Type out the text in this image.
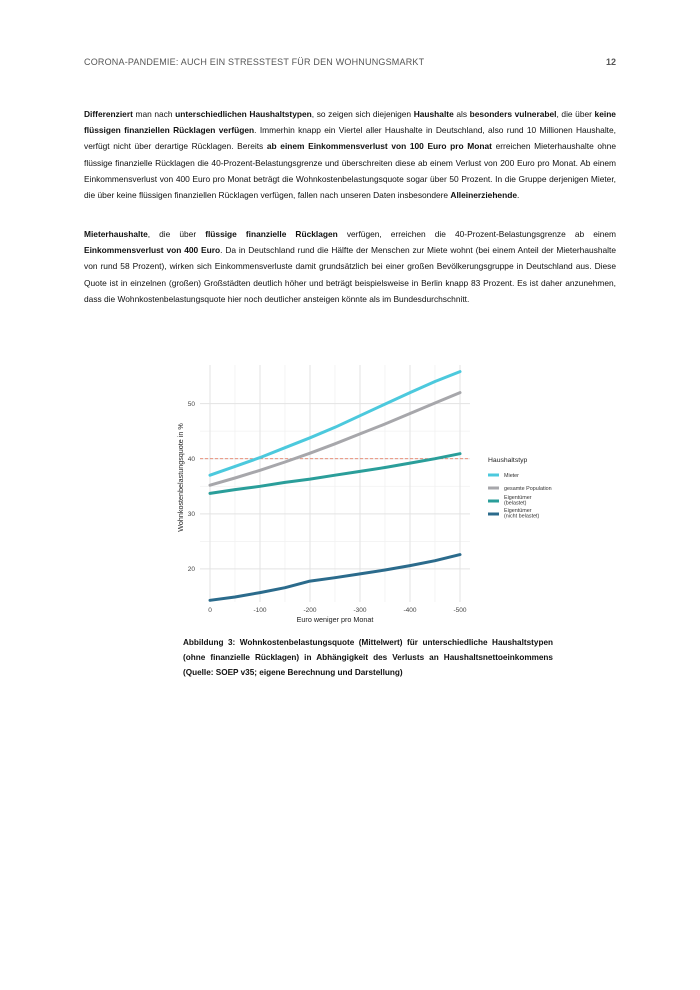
CORONA-PANDEMIE: AUCH EIN STRESSTEST FÜR DEN WOHNUNGSMARKT	12

Differenziert man nach unterschiedlichen Haushaltstypen, so zeigen sich diejenigen Haushalte als besonders vulnerabel, die über keine flüssigen finanziellen Rücklagen verfügen. Immerhin knapp ein Viertel aller Haushalte in Deutschland, also rund 10 Millionen Haushalte, verfügt nicht über derartige Rücklagen. Bereits ab einem Einkommensverlust von 100 Euro pro Monat erreichen Mieterhaushalte ohne flüssige finanzielle Rücklagen die 40-Prozent-Belastungsgrenze und überschreiten diese ab einem Verlust von 200 Euro pro Monat. Ab einem Einkommensverlust von 400 Euro pro Monat beträgt die Wohnkostenbelastungsquote sogar über 50 Prozent. In die Gruppe derjenigen Mieter, die über keine flüssigen finanziellen Rücklagen verfügen, fallen nach unseren Daten insbesondere Alleinerziehende.

Mieterhaushalte, die über flüssige finanzielle Rücklagen verfügen, erreichen die 40-Prozent-Belastungsgrenze ab einem Einkommensverlust von 400 Euro. Da in Deutschland rund die Hälfte der Menschen zur Miete wohnt (bei einem Anteil der Mieterhaushalte von rund 58 Prozent), wirken sich Einkommensverluste damit grundsätzlich bei einer großen Bevölkerungsgruppe in Deutschland aus. Diese Quote ist in einzelnen (großen) Großstädten deutlich höher und beträgt beispielsweise in Berlin knapp 83 Prozent. Es ist daher anzunehmen, dass die Wohnkostenbelastungsquote hier noch deutlicher ansteigen könnte als im Bundesdurchschnitt.

0	-100	-200	-300	-400	-500
20
30
40
50
Euro weniger pro Monat
Wohnkostenbelastungsquote in %	Haushaltstyp
Mieter
gesamte Population
Eigentümer (belastet)
Eigentümer (nicht belastet)

Abbildung 3: Wohnkostenbelastungsquote (Mittelwert) für unterschiedliche Haushaltstypen (ohne finanzielle Rücklagen) in Abhängigkeit des Verlusts an Haushaltsnettoeinkommens (Quelle: SOEP v35; eigene Berechnung und Darstellung)
